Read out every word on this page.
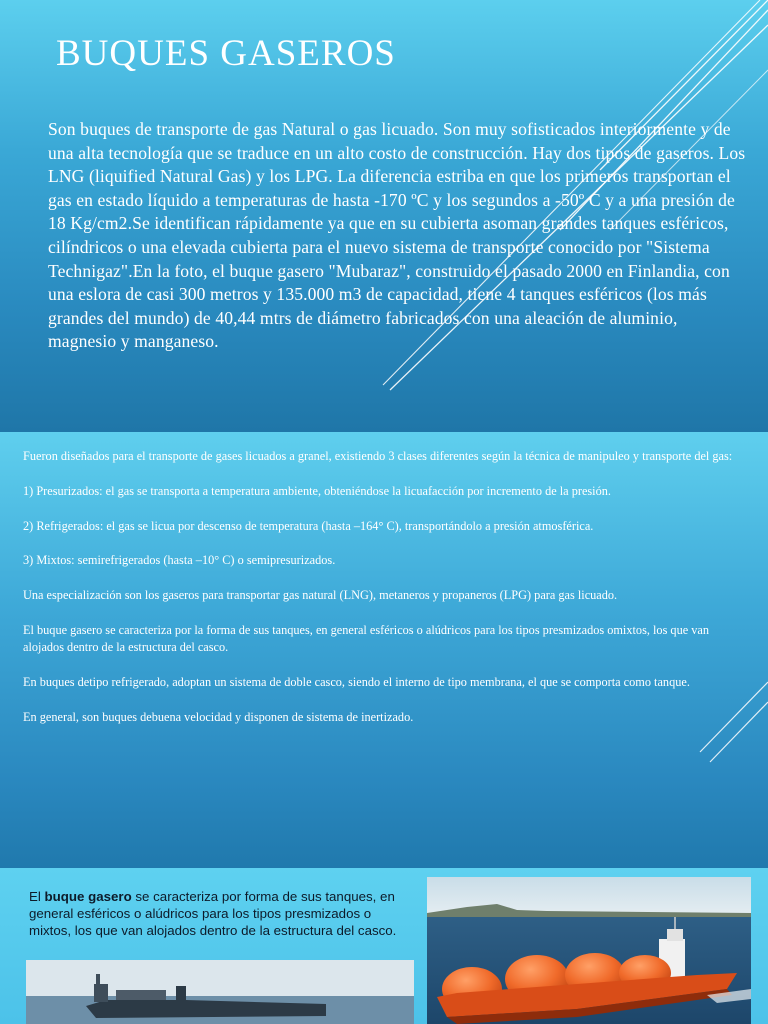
BUQUES GASEROS

Son buques de transporte de gas Natural o gas licuado. Son muy sofisticados interiormente y de una alta tecnología que se traduce en un alto costo de construcción. Hay dos tipos de gaseros. Los LNG (liquified Natural Gas) y los LPG. La diferencia estriba en que los primeros transportan el gas en estado líquido a temperaturas de hasta -170 ºC y los segundos a -50º C y a una presión de 18 Kg/cm2.Se identifican rápidamente ya que en su cubierta asoman grandes tanques esféricos, cilíndricos o una elevada cubierta para el nuevo sistema de transporte conocido por "Sistema Technigaz".En la foto, el buque gasero "Mubaraz", construido el pasado 2000 en Finlandia, con una eslora de casi 300 metros y 135.000 m3 de capacidad, tiene 4 tanques esféricos (los más grandes del mundo) de 40,44 mtrs de diámetro fabricados con una aleación de aluminio, magnesio y manganeso.

Fueron diseñados para el transporte de gases licuados a granel, existiendo 3 clases diferentes según la técnica de manipuleo y transporte del gas:

1) Presurizados: el gas se transporta a temperatura ambiente, obteniéndose la licuafacción por incremento de la presión.

2) Refrigerados: el gas se licua por descenso de temperatura (hasta –164° C), transportándolo a presión atmosférica.

3) Mixtos: semirefrigerados (hasta –10° C) o semipresurizados.

Una especialización son los gaseros para transportar gas natural (LNG), metaneros y propaneros (LPG) para gas licuado.

El buque gasero se caracteriza por la forma de sus tanques, en general esféricos o alúdricos para los tipos presmizados omixtos, los que van alojados dentro de la estructura del casco.

En buques detipo refrigerado, adoptan un sistema de doble casco, siendo el interno de tipo membrana, el que se comporta como tanque.

En general, son buques debuena velocidad y disponen de sistema de inertizado.

El buque gasero se caracteriza por forma de sus tanques, en general esféricos o alúdricos para los tipos presmizados o mixtos, los que van alojados dentro de la estructura del casco.
